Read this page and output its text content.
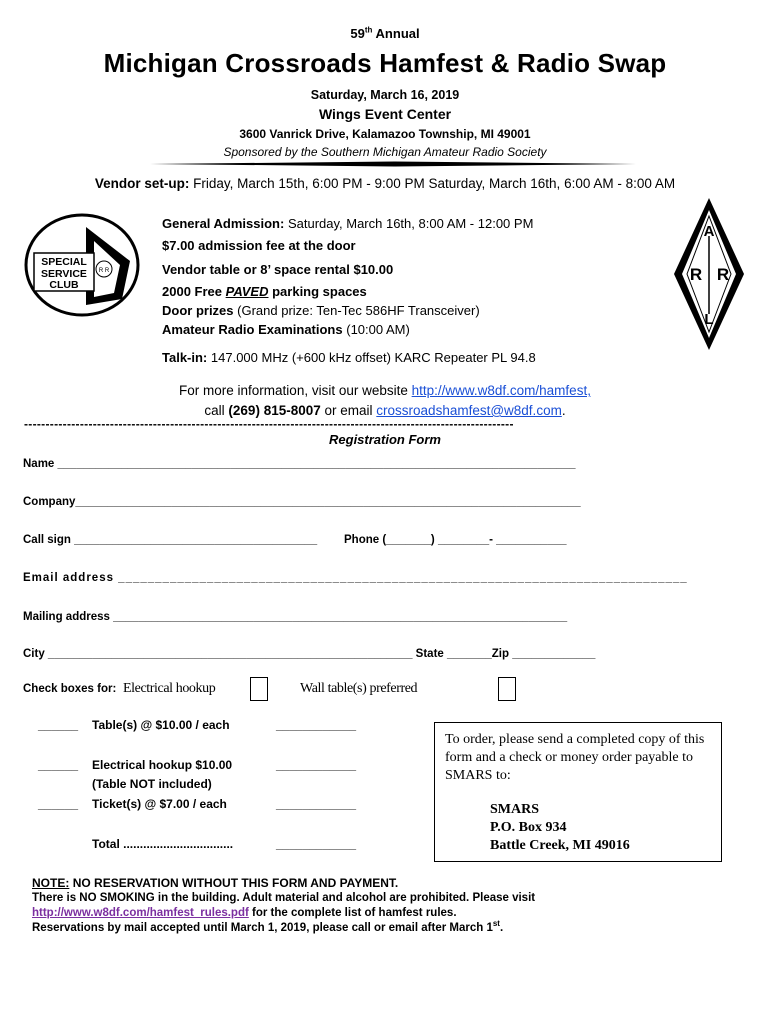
59th Annual
Michigan Crossroads Hamfest & Radio Swap
Saturday, March 16, 2019
Wings Event Center
3600 Vanrick Drive, Kalamazoo Township, MI 49001
Sponsored by the Southern Michigan Amateur Radio Society
Vendor set-up: Friday, March 15th, 6:00 PM - 9:00 PM Saturday, March 16th, 6:00 AM - 8:00 AM
SPECIAL
SERVICE
CLUB
R R
A
R R
L
General Admission: Saturday, March 16th, 8:00 AM - 12:00 PM
$7.00 admission fee at the door
Vendor table or 8’ space rental $10.00
2000 Free PAVED parking spaces
Door prizes (Grand prize: Ten-Tec 586HF Transceiver)
Amateur Radio Examinations (10:00 AM)
Talk-in: 147.000 MHz (+600 kHz offset) KARC Repeater PL 94.8
For more information, visit our website http://www.w8df.com/hamfest,
call (269) 815-8007 or email crossroadshamfest@w8df.com.
------------------------------------------------------------------------------------------------------------------
Registration Form
Name _________________________________________________________________________________
Company_______________________________________________________________________________
Call sign ______________________________________ Phone (_______) ________- ___________
Email address _____________________________________________________________________________
Mailing address _______________________________________________________________________
City _________________________________________________________ State _______Zip _____________
Check boxes for: Electrical hookup	Wall table(s) preferred
______ Table(s) @ $10.00 / each	____________
______ Electrical hookup $10.00	____________
(Table NOT included)
______ Ticket(s) @ $7.00 / each	____________
Total .................................	____________
To order, please send a completed copy of this form and a check or money order payable to SMARS to:
SMARS
P.O. Box 934
Battle Creek, MI 49016
NOTE: NO RESERVATION WITHOUT THIS FORM AND PAYMENT.
There is NO SMOKING in the building. Adult material and alcohol are prohibited. Please visit
http://www.w8df.com/hamfest_rules.pdf for the complete list of hamfest rules.
Reservations by mail accepted until March 1, 2019, please call or email after March 1st.
